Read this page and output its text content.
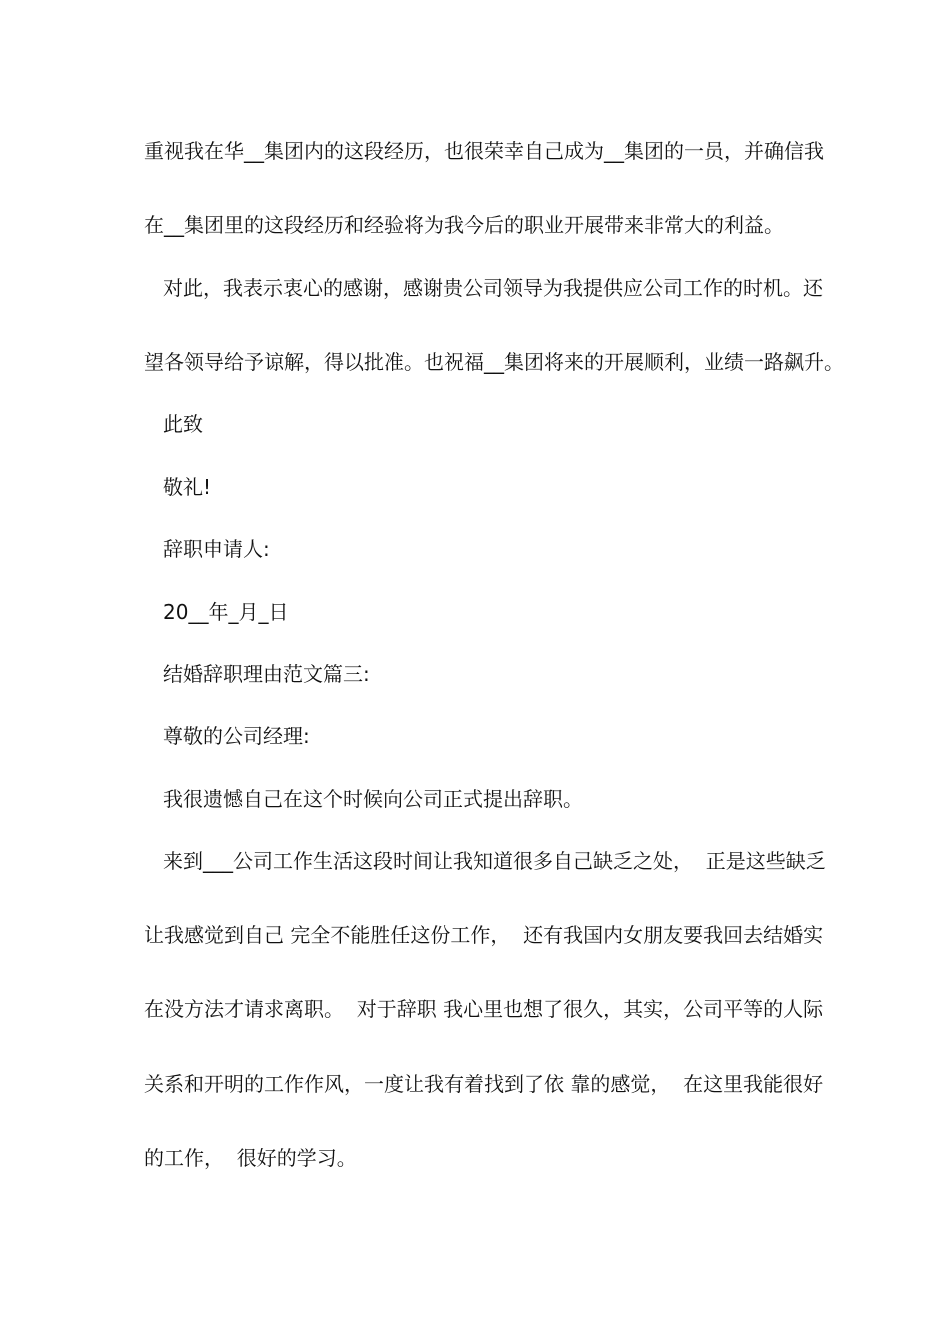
重视我在华__集团内的这段经历，也很荣幸自己成为__集团的一员，并确信我
在__集团里的这段经历和经验将为我今后的职业开展带来非常大的利益。
对此，我表示衷心的感谢，感谢贵公司领导为我提供应公司工作的时机。还
望各领导给予谅解，得以批准。也祝福__集团将来的开展顺利，业绩一路飙升。
此致
敬礼!
辞职申请人:
20__年_月_日
结婚辞职理由范文篇三:
尊敬的公司经理:
我很遗憾自己在这个时候向公司正式提出辞职。
来到___公司工作生活这段时间让我知道很多自己缺乏之处，  正是这些缺乏
让我感觉到自己 完全不能胜任这份工作，  还有我国内女朋友要我回去结婚实
在没方法才请求离职。  对于辞职 我心里也想了很久，其实，公司平等的人际
关系和开明的工作作风，一度让我有着找到了依 靠的感觉，  在这里我能很好
的工作，  很好的学习。
